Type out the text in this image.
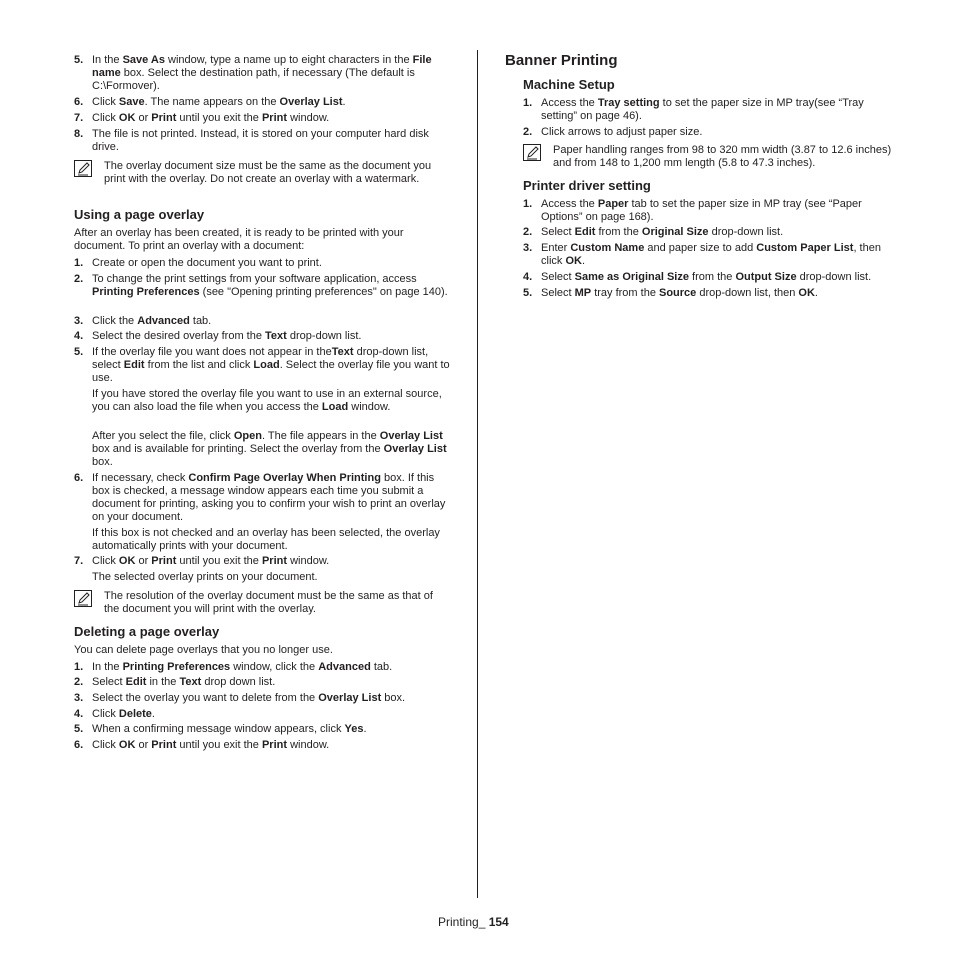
5. In the Save As window, type a name up to eight characters in the File name box. Select the destination path, if necessary (The default is C:\Formover).
6. Click Save. The name appears on the Overlay List.
7. Click OK or Print until you exit the Print window.
8. The file is not printed. Instead, it is stored on your computer hard disk drive.
The overlay document size must be the same as the document you print with the overlay. Do not create an overlay with a watermark.
Using a page overlay
After an overlay has been created, it is ready to be printed with your document. To print an overlay with a document:
1. Create or open the document you want to print.
2. To change the print settings from your software application, access Printing Preferences (see "Opening printing preferences" on page 140).
3. Click the Advanced tab.
4. Select the desired overlay from the Text drop-down list.
5. If the overlay file you want does not appear in theText drop-down list, select Edit from the list and click Load. Select the overlay file you want to use.
If you have stored the overlay file you want to use in an external source, you can also load the file when you access the Load window.
After you select the file, click Open. The file appears in the Overlay List box and is available for printing. Select the overlay from the Overlay List box.
6. If necessary, check Confirm Page Overlay When Printing box. If this box is checked, a message window appears each time you submit a document for printing, asking you to confirm your wish to print an overlay on your document.
If this box is not checked and an overlay has been selected, the overlay automatically prints with your document.
7. Click OK or Print until you exit the Print window.
The selected overlay prints on your document.
The resolution of the overlay document must be the same as that of the document you will print with the overlay.
Deleting a page overlay
You can delete page overlays that you no longer use.
1. In the Printing Preferences window, click the Advanced tab.
2. Select Edit in the Text drop down list.
3. Select the overlay you want to delete from the Overlay List box.
4. Click Delete.
5. When a confirming message window appears, click Yes.
6. Click OK or Print until you exit the Print window.
Banner Printing
Machine Setup
1. Access the Tray setting to set the paper size in MP tray(see “Tray setting” on page 46).
2. Click arrows to adjust paper size.
Paper handling ranges from 98 to 320 mm width (3.87 to 12.6 inches) and from 148 to 1,200 mm length (5.8 to 47.3 inches).
Printer driver setting
1. Access the Paper tab to set the paper size in MP tray (see “Paper Options” on page 168).
2. Select Edit from the Original Size drop-down list.
3. Enter Custom Name and paper size to add Custom Paper List, then click OK.
4. Select Same as Original Size from the Output Size drop-down list.
5. Select MP tray from the Source drop-down list, then OK.
Printing_ 154
